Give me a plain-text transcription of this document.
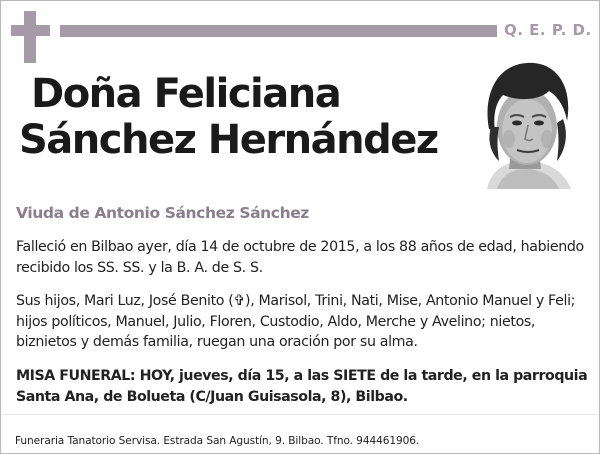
Q. E. P. D.
Doña Feliciana
Sánchez Hernández
Viuda de Antonio Sánchez Sánchez
Falleció en Bilbao ayer, día 14 de octubre de 2015, a los 88 años de edad, habiendo recibido los SS. SS. y la B. A. de S. S.
Sus hijos, Mari Luz, José Benito (✞), Marisol, Trini, Nati, Mise, Antonio Manuel y Feli; hijos políticos, Manuel, Julio, Floren, Custodio, Aldo, Merche y Avelino; nietos, biznietos y demás familia, ruegan una oración por su alma.
MISA FUNERAL: HOY, jueves, día 15, a las SIETE de la tarde, en la parroquia Santa Ana, de Bolueta (C/Juan Guisasola, 8), Bilbao.
Funeraria Tanatorio Servisa. Estrada San Agustín, 9. Bilbao. Tfno. 944461906.
